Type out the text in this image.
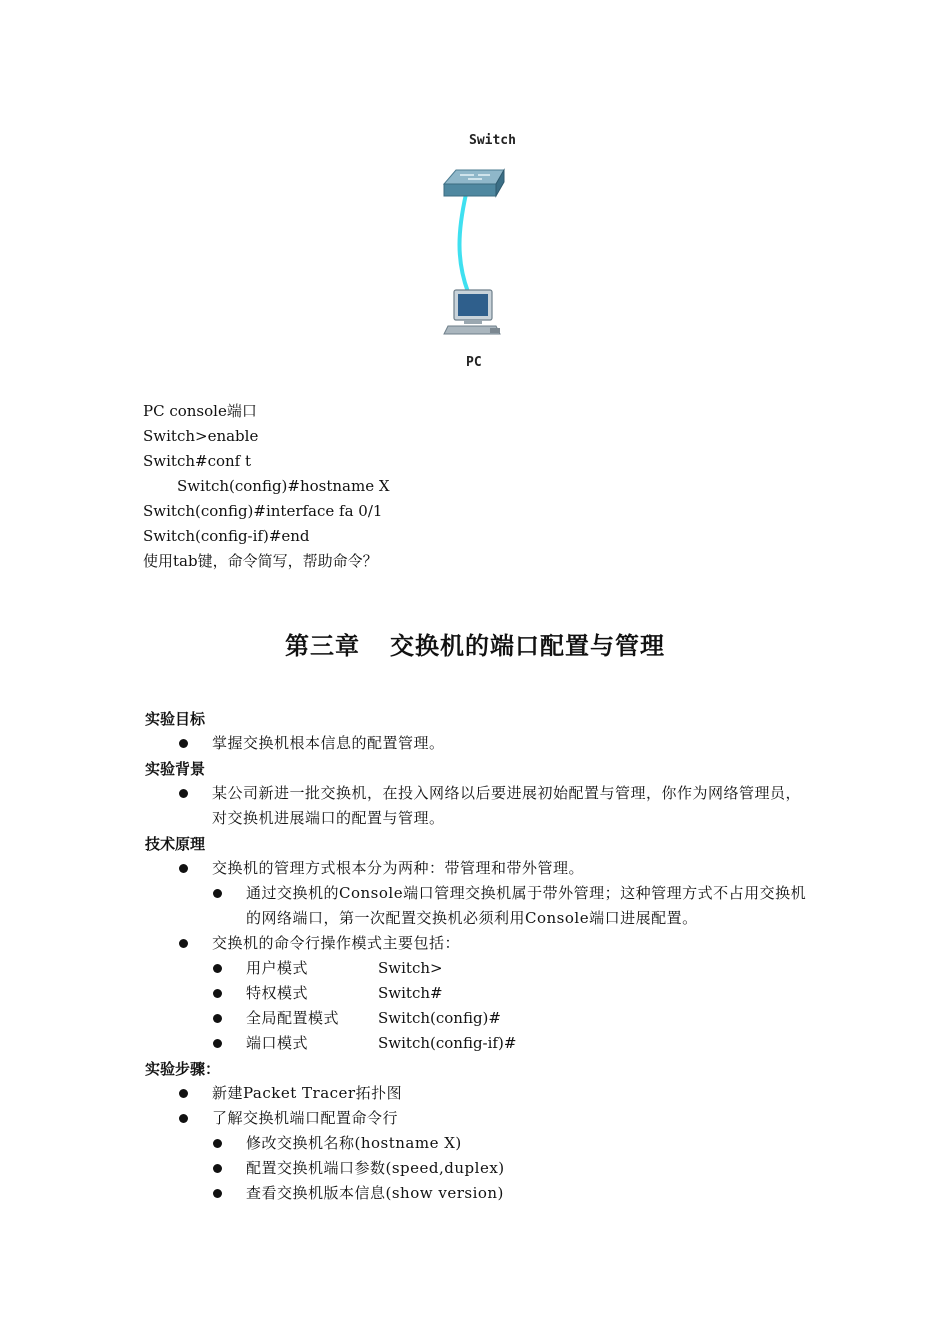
Switch
PC
PC console端口
Switch>enable
Switch#conf t
Switch(config)#hostname X
Switch(config)#interface fa 0/1
Switch(config-if)#end
使用tab键，命令简写，帮助命令？
第三章 交换机的端口配置与管理
实验目标
掌握交换机根本信息的配置管理。
实验背景
某公司新进一批交换机，在投入网络以后要进展初始配置与管理，你作为网络管理员，对交换机进展端口的配置与管理。
技术原理
交换机的管理方式根本分为两种：带管理和带外管理。
通过交换机的Console端口管理交换机属于带外管理；这种管理方式不占用交换机的网络端口，第一次配置交换机必须利用Console端口进展配置。
交换机的命令行操作模式主要包括：
用户模式	Switch>
特权模式	Switch#
全局配置模式	Switch(config)#
端口模式	Switch(config-if)#
实验步骤：
新建Packet Tracer拓扑图
了解交换机端口配置命令行
修改交换机名称(hostname X)
配置交换机端口参数(speed,duplex)
查看交换机版本信息(show version)
